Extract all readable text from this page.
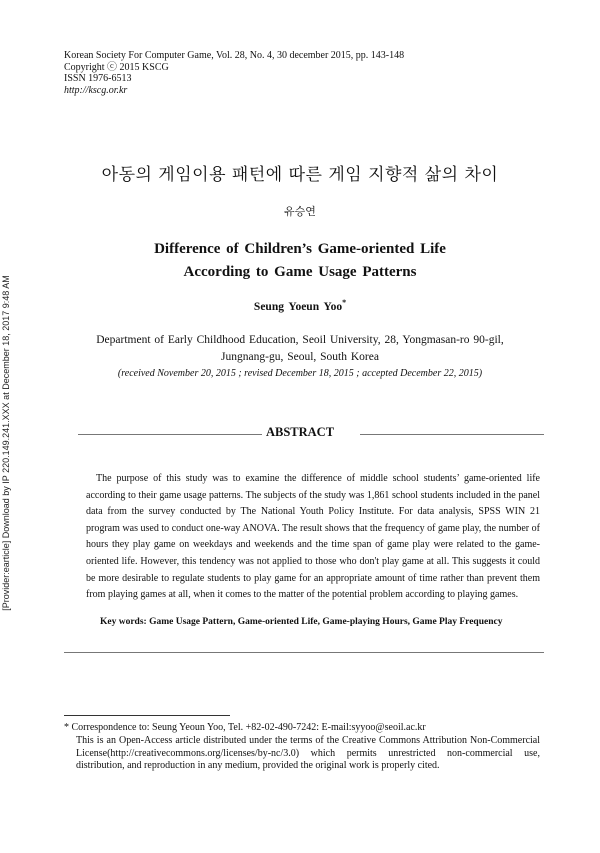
Korean Society For Computer Game, Vol. 28, No. 4, 30 december 2015, pp. 143-148
Copyright ⓒ 2015 KSCG
ISSN 1976-6513
http://kscg.or.kr
[Provider:earticle] Download by IP 220.149.241.XXX at December 18, 2017 9:48 AM
아동의 게임이용 패턴에 따른 게임 지향적 삶의 차이
유승연
Difference of Children’s Game-oriented Life
According to Game Usage Patterns
Seung Yoeun Yoo*
Department of Early Childhood Education, Seoil University, 28, Yongmasan-ro 90-gil,
Jungnang-gu, Seoul, South Korea
(received November 20, 2015 ; revised December 18, 2015 ; accepted December 22, 2015)
ABSTRACT
The purpose of this study was to examine the difference of middle school students’ game-oriented life according to their game usage patterns. The subjects of the study was 1,861 school students included in the panel data from the survey conducted by The National Youth Policy Institute. For data analysis, SPSS WIN 21 program was used to conduct one-way ANOVA. The result shows that the frequency of game play, the number of hours they play game on weekdays and weekends and the time span of game play were related to the game-oriented life. However, this tendency was not applied to those who don't play game at all. This suggests it could be more desirable to regulate students to play game for an appropriate amount of time rather than prevent them from playing games at all, when it comes to the matter of the potential problem according to playing games.
Key words: Game Usage Pattern, Game-oriented Life, Game-playing Hours, Game Play Frequency
* Correspondence to: Seung Yeoun Yoo, Tel. +82-02-490-7242: E-mail:syyoo@seoil.ac.kr
This is an Open-Access article distributed under the terms of the Creative Commons Attribution Non-Commercial License(http://creativecommons.org/licenses/by-nc/3.0) which permits unrestricted non-commercial use, distribution, and reproduction in any medium, provided the original work is properly cited.
